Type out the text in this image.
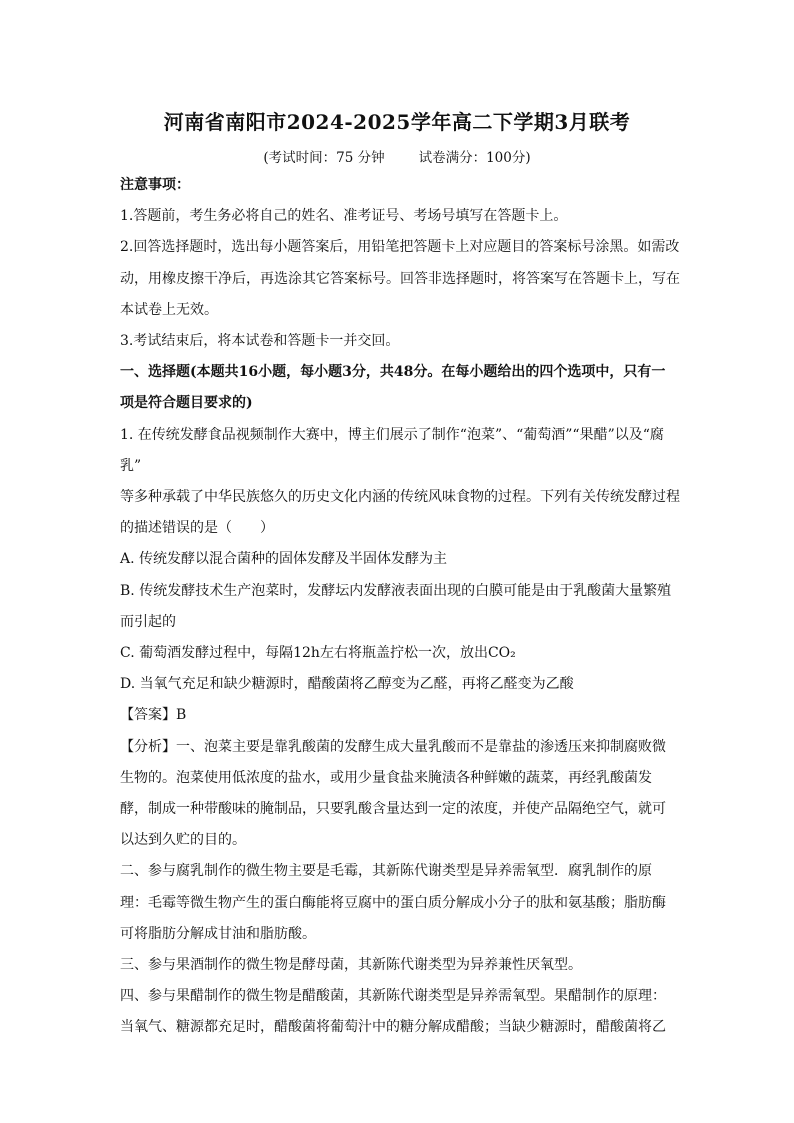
河南省南阳市2024-2025学年高二下学期3月联考
(考试时间：75 分钟	试卷满分：100分)

注意事项：

1.答题前，考生务必将自己的姓名、准考证号、考场号填写在答题卡上。

2.回答选择题时，选出每小题答案后，用铅笔把答题卡上对应题目的答案标号涂黑。如需改

动，用橡皮擦干净后，再选涂其它答案标号。回答非选择题时，将答案写在答题卡上，写在

本试卷上无效。

3.考试结束后，将本试卷和答题卡一并交回。

一、选择题(本题共16小题，每小题3分，共48分。在每小题给出的四个选项中，只有一

项是符合题目要求的)

1. 在传统发酵食品视频制作大赛中，博主们展示了制作“泡菜”、“葡萄酒”“果醋”以及“腐乳”

等多种承载了中华民族悠久的历史文化内涵的传统风味食物的过程。下列有关传统发酵过程

的描述错误的是（　　）

A. 传统发酵以混合菌种的固体发酵及半固体发酵为主

B. 传统发酵技术生产泡菜时，发酵坛内发酵液表面出现的白膜可能是由于乳酸菌大量繁殖

而引起的

C. 葡萄酒发酵过程中，每隔12h左右将瓶盖拧松一次，放出CO₂

D. 当氧气充足和缺少糖源时，醋酸菌将乙醇变为乙醛，再将乙醛变为乙酸

【答案】B

【分析】一、泡菜主要是靠乳酸菌的发酵生成大量乳酸而不是靠盐的渗透压来抑制腐败微

生物的。泡菜使用低浓度的盐水，或用少量食盐来腌渍各种鲜嫩的蔬菜，再经乳酸菌发

酵，制成一种带酸味的腌制品，只要乳酸含量达到一定的浓度，并使产品隔绝空气，就可

以达到久贮的目的。

二、参与腐乳制作的微生物主要是毛霉，其新陈代谢类型是异养需氧型．腐乳制作的原

理：毛霉等微生物产生的蛋白酶能将豆腐中的蛋白质分解成小分子的肽和氨基酸；脂肪酶

可将脂肪分解成甘油和脂肪酸。

三、参与果酒制作的微生物是酵母菌，其新陈代谢类型为异养兼性厌氧型。

四、参与果醋制作的微生物是醋酸菌，其新陈代谢类型是异养需氧型。果醋制作的原理：

当氧气、糖源都充足时，醋酸菌将葡萄汁中的糖分解成醋酸；当缺少糖源时，醋酸菌将乙
